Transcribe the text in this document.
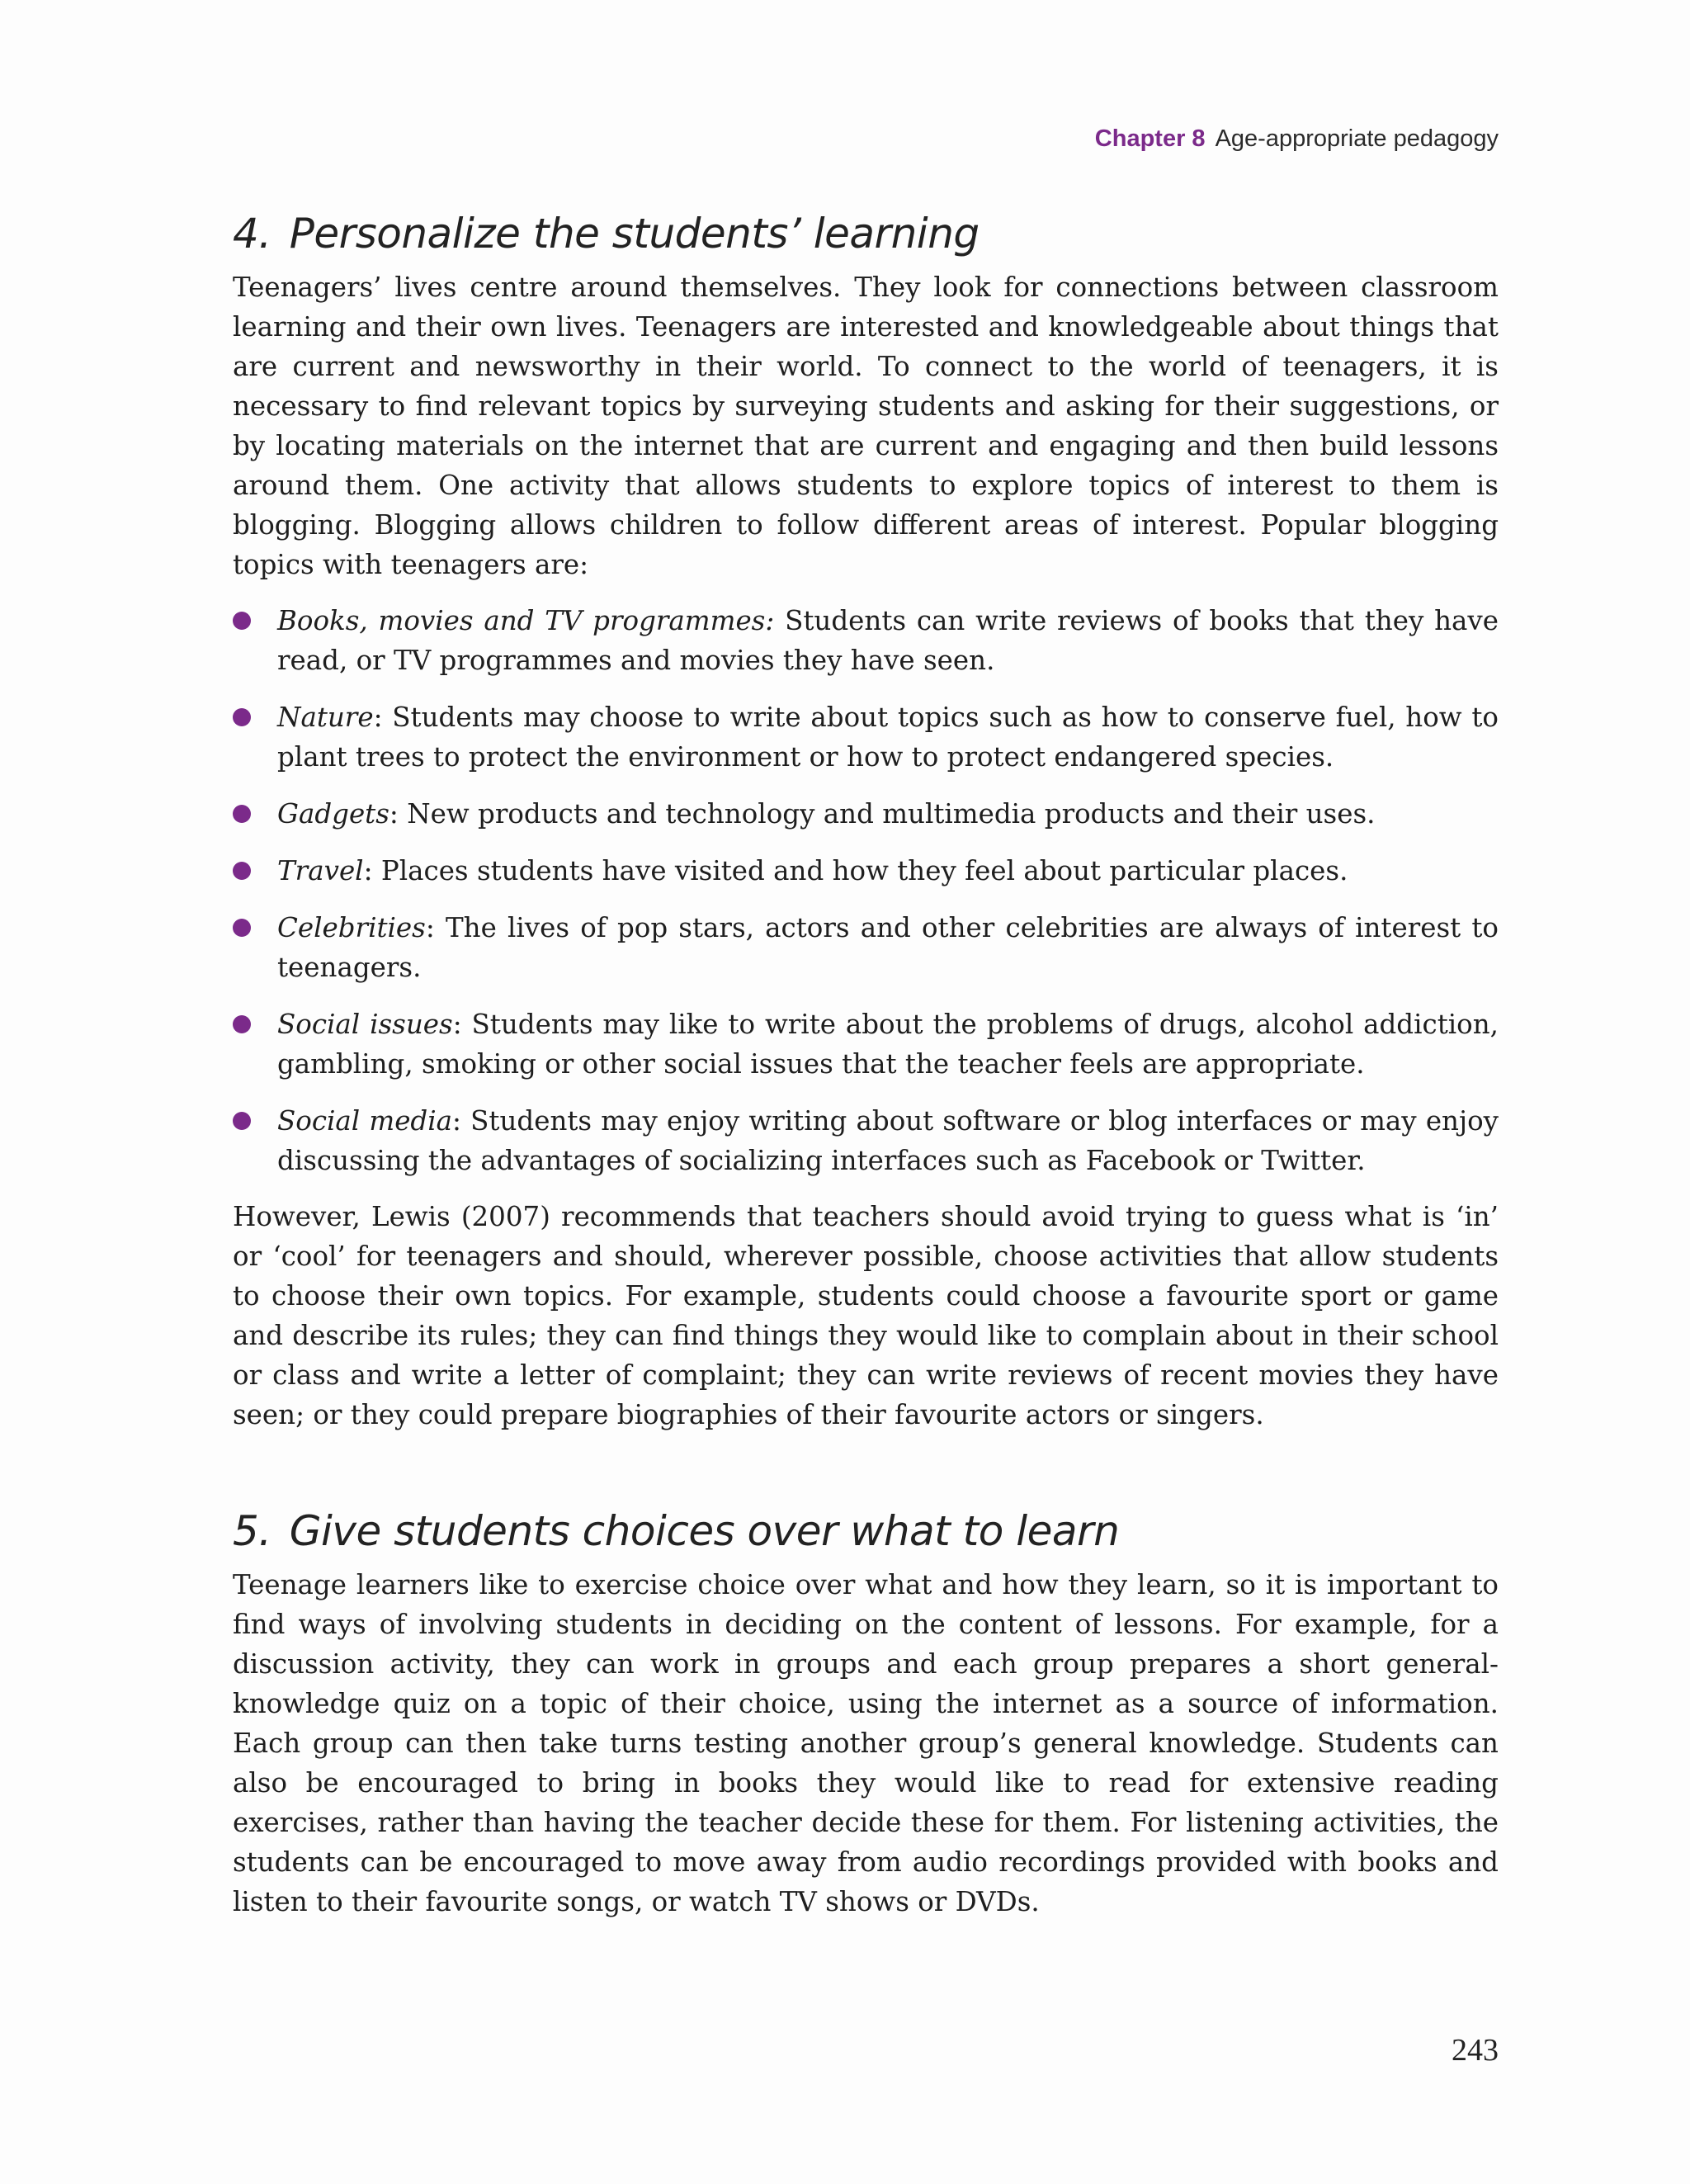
Chapter 8 Age-appropriate pedagogy
4. Personalize the students’ learning

Teenagers’ lives centre around themselves. They look for connections between classroom learning and their own lives. Teenagers are interested and knowledgeable about things that are current and newsworthy in their world. To connect to the world of teenagers, it is necessary to find relevant topics by surveying students and asking for their suggestions, or by locating materials on the internet that are current and engaging and then build lessons around them. One activity that allows students to explore topics of interest to them is blogging. Blogging allows children to follow different areas of interest. Popular blogging topics with teenagers are:

Books, movies and TV programmes: Students can write reviews of books that they have read, or TV programmes and movies they have seen.
Nature: Students may choose to write about topics such as how to conserve fuel, how to plant trees to protect the environment or how to protect endangered species.
Gadgets: New products and technology and multimedia products and their uses.
Travel: Places students have visited and how they feel about particular places.
Celebrities: The lives of pop stars, actors and other celebrities are always of interest to teenagers.
Social issues: Students may like to write about the problems of drugs, alcohol addiction, gambling, smoking or other social issues that the teacher feels are appropriate.
Social media: Students may enjoy writing about software or blog interfaces or may enjoy discussing the advantages of socializing interfaces such as Facebook or Twitter.

However, Lewis (2007) recommends that teachers should avoid trying to guess what is ‘in’ or ‘cool’ for teenagers and should, wherever possible, choose activities that allow students to choose their own topics. For example, students could choose a favourite sport or game and describe its rules; they can find things they would like to complain about in their school or class and write a letter of complaint; they can write reviews of recent movies they have seen; or they could prepare biographies of their favourite actors or singers.

5. Give students choices over what to learn

Teenage learners like to exercise choice over what and how they learn, so it is important to find ways of involving students in deciding on the content of lessons. For example, for a discussion activity, they can work in groups and each group prepares a short general-knowledge quiz on a topic of their choice, using the internet as a source of information. Each group can then take turns testing another group’s general knowledge. Students can also be encouraged to bring in books they would like to read for extensive reading exercises, rather than having the teacher decide these for them. For listening activities, the students can be encouraged to move away from audio recordings provided with books and listen to their favourite songs, or watch TV shows or DVDs.

243
